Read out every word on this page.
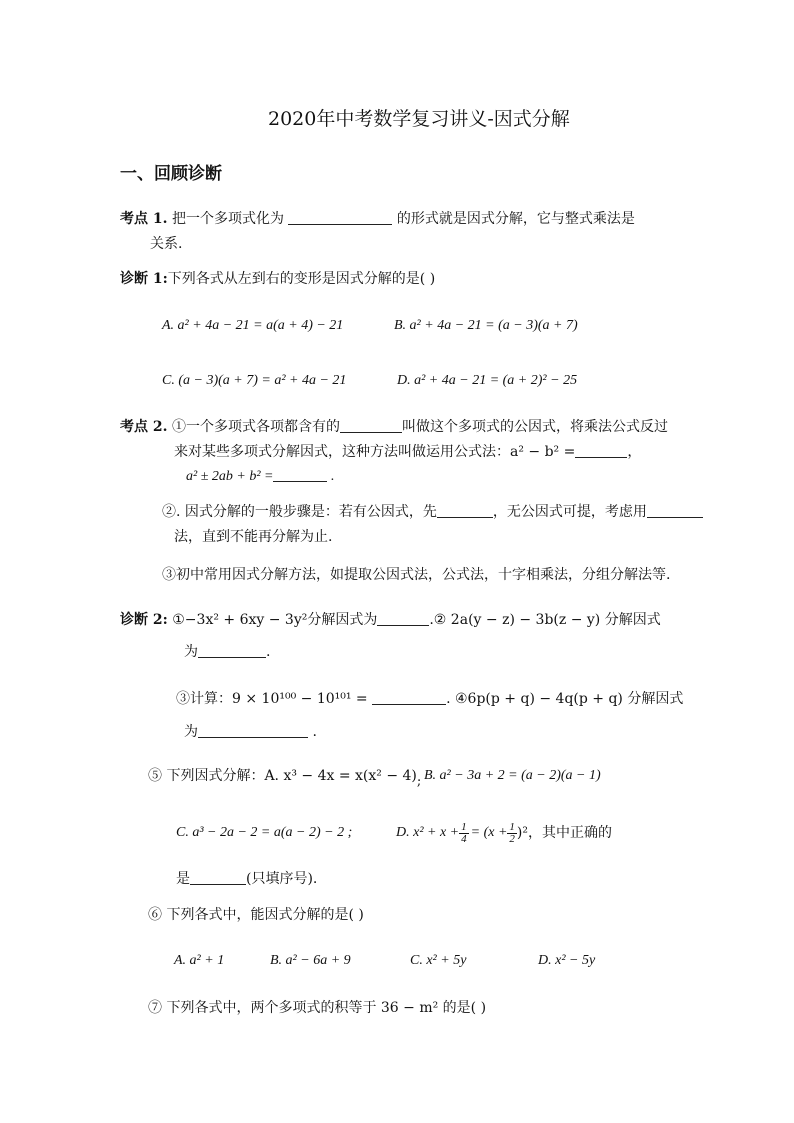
2020年中考数学复习讲义-因式分解
一、回顾诊断
考点 1. 把一个多项式化为	的形式就是因式分解，它与整式乘法是
关系.
诊断 1:下列各式从左到右的变形是因式分解的是( )
A. a² + 4a − 21 = a(a + 4) − 21	B. a² + 4a − 21 = (a − 3)(a + 7)
C. (a − 3)(a + 7) = a² + 4a − 21	D. a² + 4a − 21 = (a + 2)² − 25
考点 2. ①一个多项式各项都含有的	叫做这个多项式的公因式，将乘法公式反过
来对某些多项式分解因式，这种方法叫做运用公式法：a² − b² =	，
a² ± 2ab + b² =	.
②. 因式分解的一般步骤是：若有公因式，先	，无公因式可提，考虑用
法，直到不能再分解为止.
③初中常用因式分解方法，如提取公因式法，公式法，十字相乘法，分组分解法等.
诊断 2: ①−3x² + 6xy − 3y²分解因式为	.② 2a(y − z) − 3b(z − y) 分解因式
为	.
③计算：9 × 10¹⁰⁰ − 10¹⁰¹ =	. ④6p(p + q) − 4q(p + q) 分解因式
为	.
⑤ 下列因式分解：A. x³ − 4x = x(x² − 4); B. a² − 3a + 2 = (a − 2)(a − 1)
C. a³ − 2a − 2 = a(a − 2) − 2 ;	D. $x^2 + x + \frac{1}{4} = (x + \frac{1}{2} )^2$，其中正确的
是	(只填序号).
⑥ 下列各式中，能因式分解的是( )
A. a² + 1	B. a² − 6a + 9	C. x² + 5y	D. x² − 5y
⑦ 下列各式中，两个多项式的积等于 36 − m² 的是( )
